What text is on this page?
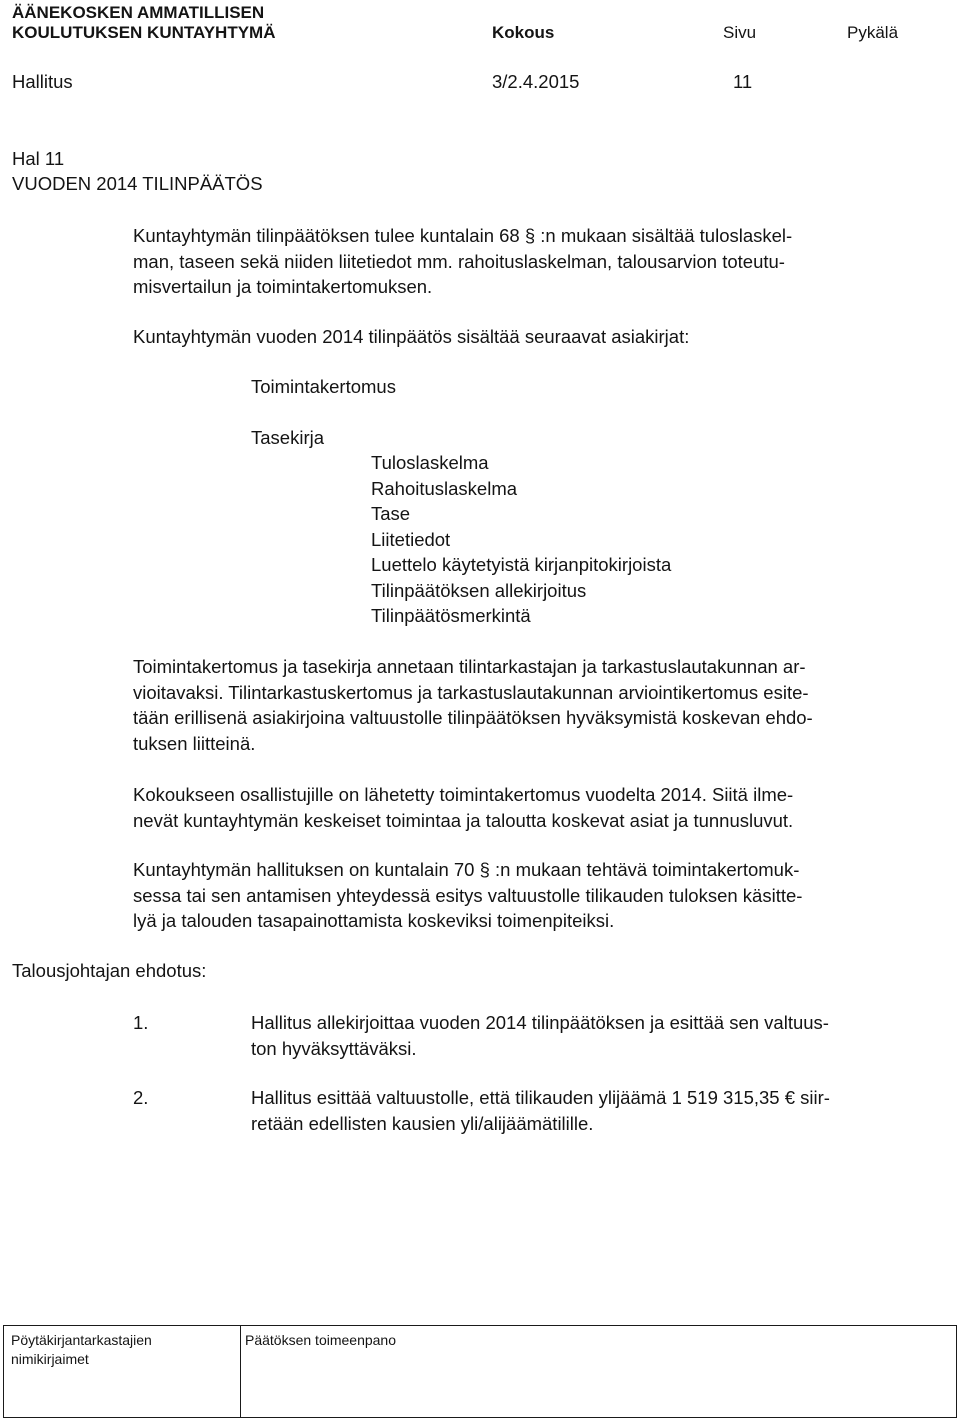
ÄÄNEKOSKEN AMMATILLISEN
KOULUTUKSEN KUNTAYHTYMÄ	Kokous	Sivu	Pykälä
Hallitus	3/2.4.2015	11
Hal 11
VUODEN 2014 TILINPÄÄTÖS
Kuntayhtymän tilinpäätöksen tulee kuntalain 68 § :n mukaan sisältää tuloslaskel-
man, taseen sekä niiden liitetiedot mm. rahoituslaskelman, talousarvion toteutu-
misvertailun ja toimintakertomuksen.
Kuntayhtymän vuoden 2014 tilinpäätös sisältää seuraavat asiakirjat:
Toimintakertomus
Tasekirja
Tuloslaskelma
Rahoituslaskelma
Tase
Liitetiedot
Luettelo käytetyistä kirjanpitokirjoista
Tilinpäätöksen allekirjoitus
Tilinpäätösmerkintä
Toimintakertomus ja tasekirja annetaan tilintarkastajan ja tarkastuslautakunnan ar-
vioitavaksi. Tilintarkastuskertomus ja tarkastuslautakunnan arviointikertomus esite-
tään erillisenä asiakirjoina valtuustolle tilinpäätöksen hyväksymistä koskevan ehdo-
tuksen liitteinä.
Kokoukseen osallistujille on lähetetty toimintakertomus vuodelta 2014. Siitä ilme-
nevät kuntayhtymän keskeiset toimintaa ja taloutta koskevat asiat ja tunnusluvut.
Kuntayhtymän hallituksen on kuntalain 70 § :n mukaan tehtävä toimintakertomuk-
sessa tai sen antamisen yhteydessä esitys valtuustolle tilikauden tuloksen käsitte-
lyä ja talouden tasapainottamista koskeviksi toimenpiteiksi.
Talousjohtajan ehdotus:
1.	Hallitus allekirjoittaa vuoden 2014 tilinpäätöksen ja esittää sen valtuus-
ton hyväksyttäväksi.
2.	Hallitus esittää valtuustolle, että tilikauden ylijäämä 1 519 315,35 € siir-
retään edellisten kausien yli/alijäämätilille.
Pöytäkirjantarkastajien
nimikirjaimet
Päätöksen toimeenpano
